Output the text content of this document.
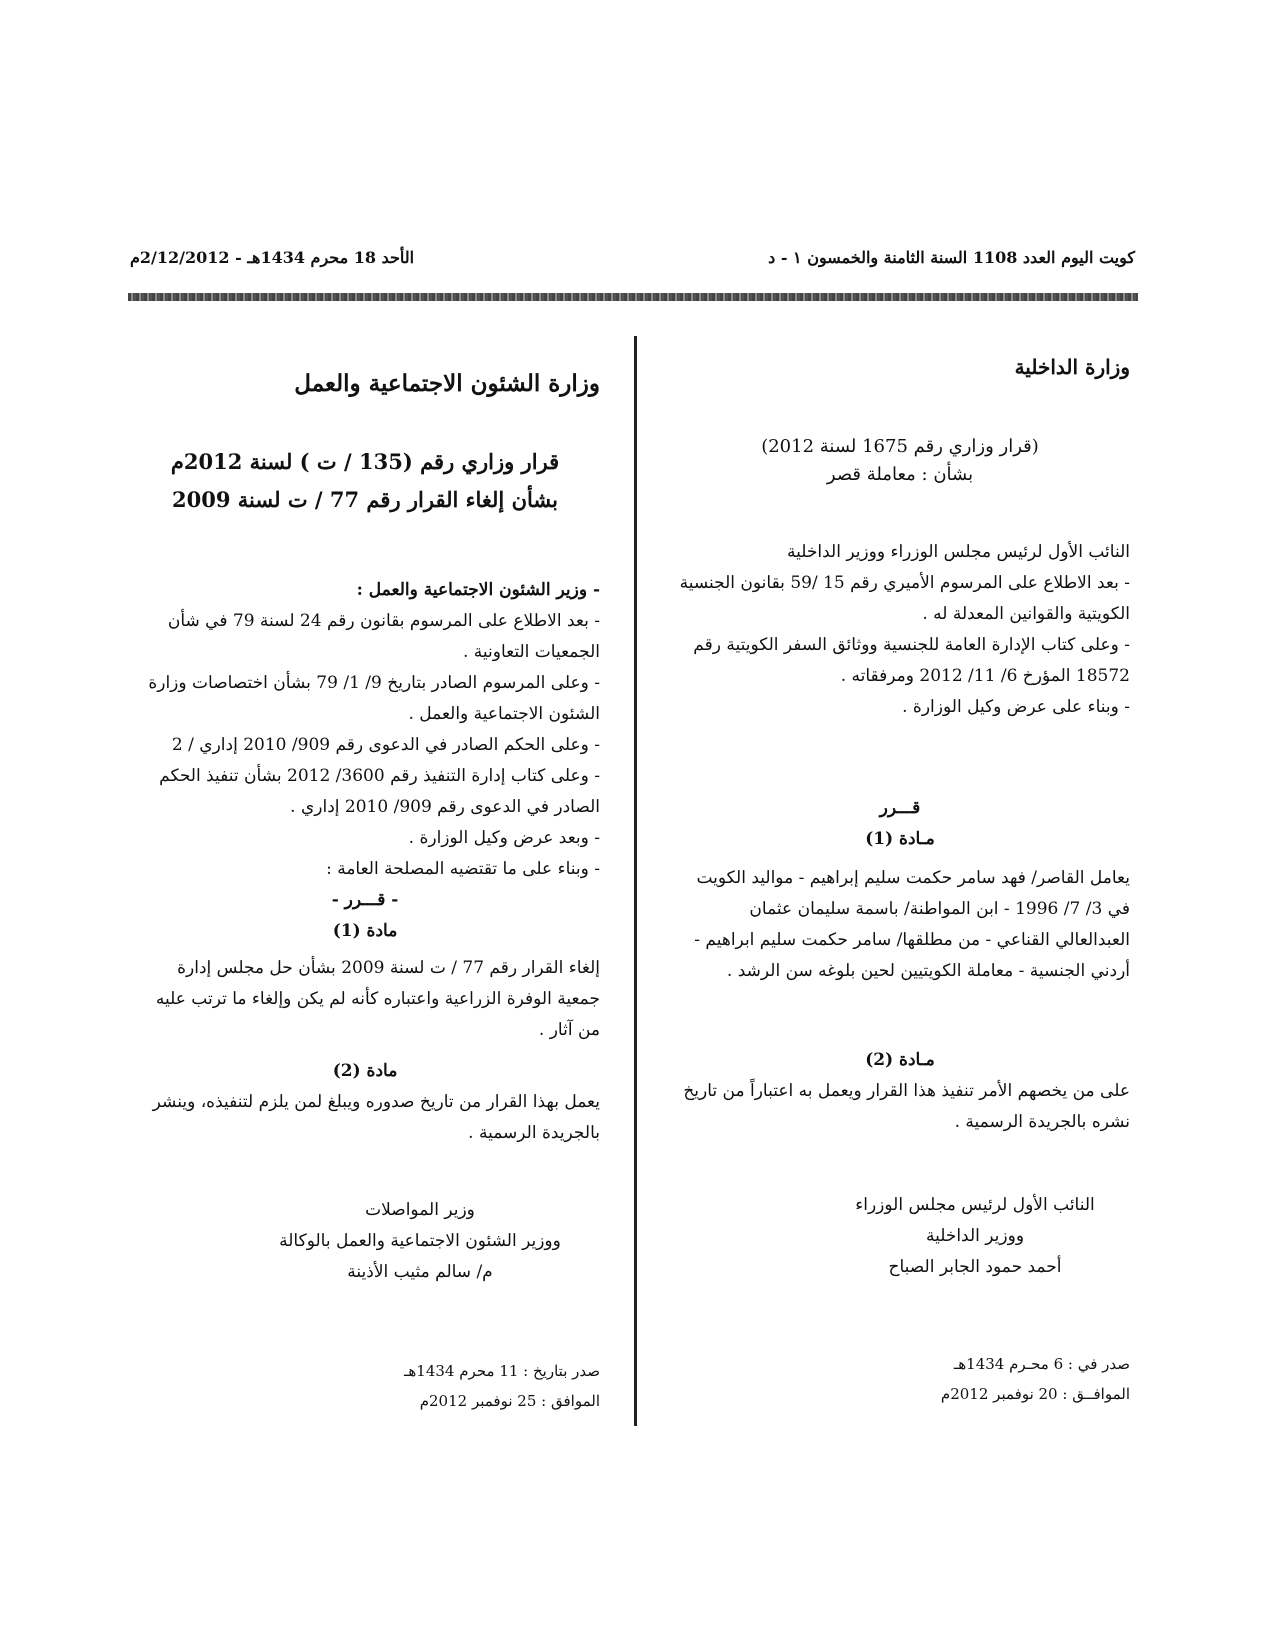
كويت اليوم العدد 1108 السنة الثامنة والخمسون ١ - د
الأحد 18 محرم 1434هـ - 2/12/2012م

وزارة الداخلية

(قرار وزاري رقم 1675 لسنة 2012)

بشأن : معاملة قصر

النائب الأول لرئيس مجلس الوزراء ووزير الداخلية

- بعد الاطلاع على المرسوم الأميري رقم 15 /59 بقانون الجنسية الكويتية والقوانين المعدلة له .

- وعلى كتاب الإدارة العامة للجنسية ووثائق السفر الكويتية رقم 18572 المؤرخ 6/ 11/ 2012 ومرفقاته .

- وبناء على عرض وكيل الوزارة .

قـــرر

مـادة (1)

يعامل القاصر/ فهد سامر حكمت سليم إبراهيم - مواليد الكويت في 3/ 7/ 1996 - ابن المواطنة/ باسمة سليمان عثمان العبدالعالي القناعي - من مطلقها/ سامر حكمت سليم ابراهيم - أردني الجنسية - معاملة الكويتيين لحين بلوغه سن الرشد .

مـادة (2)

على من يخصهم الأمر تنفيذ هذا القرار ويعمل به اعتباراً من تاريخ نشره بالجريدة الرسمية .

النائب الأول لرئيس مجلس الوزراء

ووزير الداخلية

أحمد حمود الجابر الصباح

صدر في : 6 محـرم 1434هـ

الموافــق : 20 نوفمبر 2012م

وزارة الشئون الاجتماعية والعمل

قرار وزاري رقم (135 / ت ) لسنة 2012م

بشأن إلغاء القرار رقم 77 / ت لسنة 2009

- وزير الشئون الاجتماعية والعمل :

- بعد الاطلاع على المرسوم بقانون رقم 24 لسنة 79 في شأن الجمعيات التعاونية .

- وعلى المرسوم الصادر بتاريخ 9/ 1/ 79 بشأن اختصاصات وزارة الشئون الاجتماعية والعمل .

- وعلى الحكم الصادر في الدعوى رقم 909/ 2010 إداري / 2

- وعلى كتاب إدارة التنفيذ رقم 3600/ 2012 بشأن تنفيذ الحكم الصادر في الدعوى رقم 909/ 2010 إداري .

- وبعد عرض وكيل الوزارة .

- وبناء على ما تقتضيه المصلحة العامة :

- قـــرر -

مادة (1)

إلغاء القرار رقم 77 / ت لسنة 2009 بشأن حل مجلس إدارة جمعية الوفرة الزراعية واعتباره كأنه لم يكن وإلغاء ما ترتب عليه من آثار .

مادة (2)

يعمل بهذا القرار من تاريخ صدوره ويبلغ لمن يلزم لتنفيذه، وينشر بالجريدة الرسمية .

وزير المواصلات

ووزير الشئون الاجتماعية والعمل بالوكالة

م/ سالم مثيب الأذينة

صدر بتاريخ : 11 محرم 1434هـ

الموافق : 25 نوفمبر 2012م
